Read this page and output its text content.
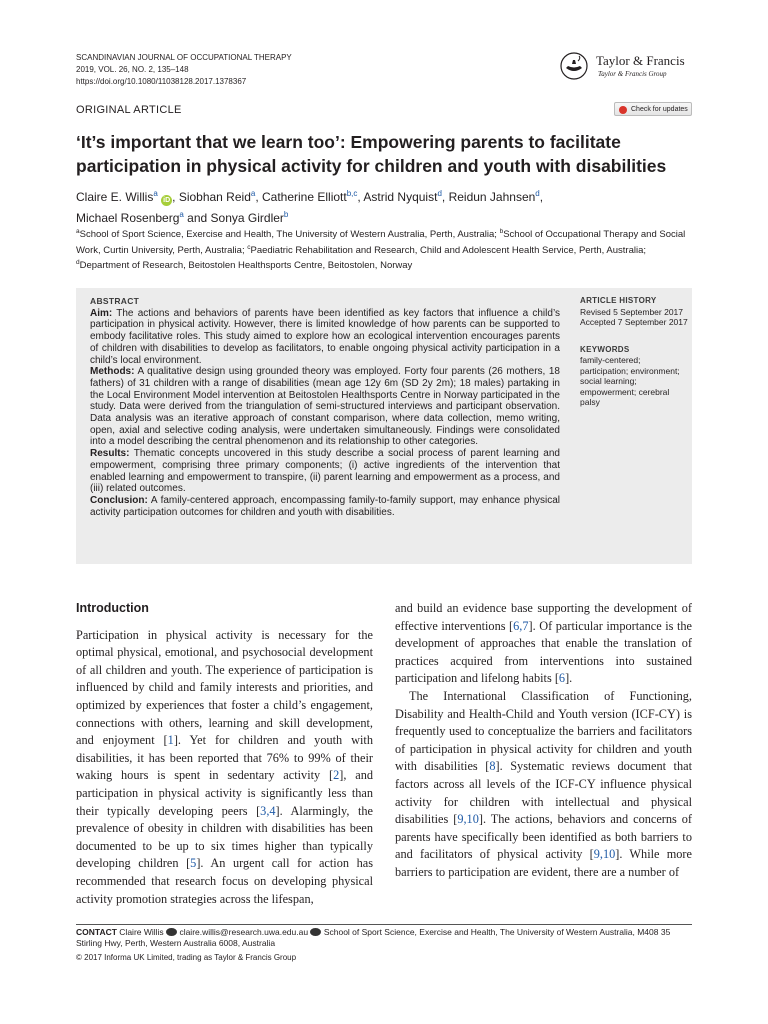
SCANDINAVIAN JOURNAL OF OCCUPATIONAL THERAPY
2019, VOL. 26, NO. 2, 135–148
https://doi.org/10.1080/11038128.2017.1378367
Taylor & Francis
Taylor & Francis Group
ORIGINAL ARTICLE	Check for updates
‘It’s important that we learn too’: Empowering parents to facilitate participation in physical activity for children and youth with disabilities
Claire E. Willis$^a$ iD , Siobhan Reid$^a$, Catherine Elliott$^{b,c}$, Astrid Nyquist$^d$, Reidun Jahnsen$^d$,
Michael Rosenberg$^a$ and Sonya Girdler$^b$
$^a$School of Sport Science, Exercise and Health, The University of Western Australia, Perth, Australia; $^b$School of Occupational Therapy and Social Work, Curtin University, Perth, Australia; $^c$Paediatric Rehabilitation and Research, Child and Adolescent Health Service, Perth, Australia; $^d$Department of Research, Beitostolen Healthsports Centre, Beitostolen, Norway
ABSTRACT

Aim: The actions and behaviors of parents have been identified as key factors that influence a child’s participation in physical activity. However, there is limited knowledge of how parents can be supported to embody facilitative roles. This study aimed to explore how an ecological intervention encourages parents of children with disabilities to develop as facilitators, to enable ongoing physical activity participation in a child’s local environment.

Methods: A qualitative design using grounded theory was employed. Forty four parents (26 mothers, 18 fathers) of 31 children with a range of disabilities (mean age 12y 6m (SD 2y 2m); 18 males) partaking in the Local Environment Model intervention at Beitostolen Healthsports Centre in Norway participated in the study. Data were derived from the triangulation of semi-structured interviews and participant observation. Data analysis was an iterative approach of constant comparison, where data collection, memo writing, open, axial and selective coding analysis, were undertaken simultaneously. Findings were consolidated into a model describing the central phenomenon and its relationship to other categories.

Results: Thematic concepts uncovered in this study describe a social process of parent learning and empowerment, comprising three primary components; (i) active ingredients of the intervention that enabled learning and empowerment to transpire, (ii) parent learning and empowerment as a process, and (iii) related outcomes.

Conclusion: A family-centered approach, encompassing family-to-family support, may enhance physical activity participation outcomes for children and youth with disabilities.

ARTICLE HISTORY
Revised 5 September 2017
Accepted 7 September 2017
KEYWORDS
family-centered; participation; environment; social learning; empowerment; cerebral palsy
Introduction

Participation in physical activity is necessary for the optimal physical, emotional, and psychosocial development of all children and youth. The experience of participation is influenced by child and family interests and priorities, and optimized by experiences that foster a child’s engagement, connections with others, learning and skill development, and enjoyment [1]. Yet for children and youth with disabilities, it has been reported that 76% to 99% of their waking hours is spent in sedentary activity [2], and participation in physical activity is significantly less than their typically developing peers [3,4]. Alarmingly, the prevalence of obesity in children with disabilities has been documented to be up to six times higher than typically developing children [5]. An urgent call for action has recommended that research focus on developing physical activity promotion strategies across the lifespan,

and build an evidence base supporting the development of effective interventions [6,7]. Of particular importance is the development of approaches that enable the translation of practices acquired from interventions into sustained participation and lifelong habits [6].

The International Classification of Functioning, Disability and Health-Child and Youth version (ICF-CY) is frequently used to conceptualize the barriers and facilitators of participation in physical activity for children and youth with disabilities [8]. Systematic reviews document that factors across all levels of the ICF-CY influence physical activity for children with intellectual and physical disabilities [9,10]. The actions, behaviors and concerns of parents have specifically been identified as both barriers to and facilitators of physical activity [9,10]. While more barriers to participation are evident, there are a number of

CONTACT Claire Willis claire.willis@research.uwa.edu.au School of Sport Science, Exercise and Health, The University of Western Australia, M408 35 Stirling Hwy, Perth, Western Australia 6008, Australia
© 2017 Informa UK Limited, trading as Taylor & Francis Group
